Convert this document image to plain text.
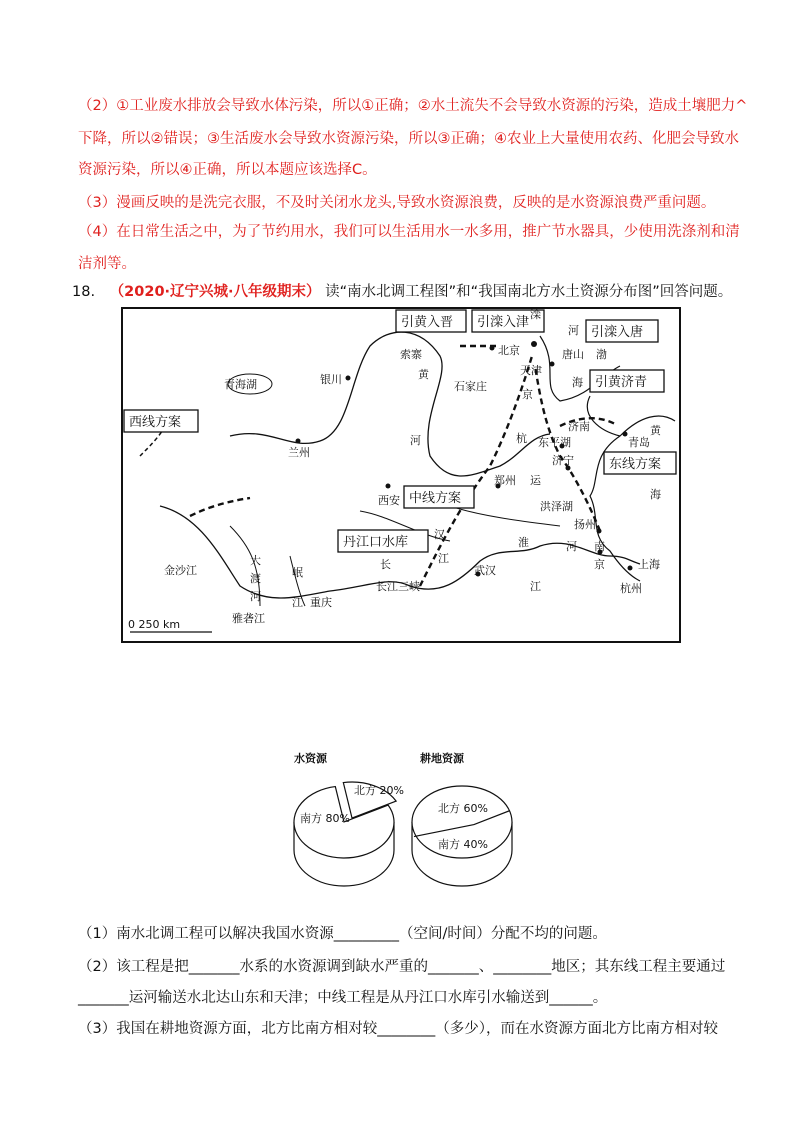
（2）①工业废水排放会导致水体污染，所以①正确；②水土流失不会导致水资源的污染，造成土壤肥力^
下降，所以②错误；③生活废水会导致水资源污染，所以③正确；④农业上大量使用农药、化肥会导致水
资源污染，所以④正确，所以本题应该选择C。
（3）漫画反映的是洗完衣服，不及时关闭水龙头,导致水资源浪费，反映的是水资源浪费严重问题。
（4）在日常生活之中，为了节约用水，我们可以生活用水一水多用，推广节水器具，少使用洗涤剂和清
洁剂等。
18. （2020·辽宁兴城·八年级期末） 读“南水北调工程图”和“我国南北方水土资源分布图”回答问题。
引黄入晋 引滦入津
引滦入唐
引黄济青
西线方案
中线方案
东线方案
丹江口水库
青海湖	银川
兰州
西安
索寨
黄
河
石家庄
北京
天津
滦
河
唐山 渤
海
京
杭
济南
东平湖
济宁
运
郑州
黄
青岛
海
洪泽湖
扬州
淮	河
汉
江
武汉
长
长江三峡	江
南
京	上海
杭州
金沙江
大
渡
河
岷
江 重庆
雅砻江
0 250 km
水资源	耕地资源
南方 80%
北方 20%
北方 60%
南方 40%
（1）南水北调工程可以解决我国水资源_________（空间/时间）分配不均的问题。
（2）该工程是把_______水系的水资源调到缺水严重的_______、________地区；其东线工程主要通过
_______运河输送水北达山东和天津；中线工程是从丹江口水库引水输送到______。
（3）我国在耕地资源方面，北方比南方相对较________（多少），而在水资源方面北方比南方相对较
